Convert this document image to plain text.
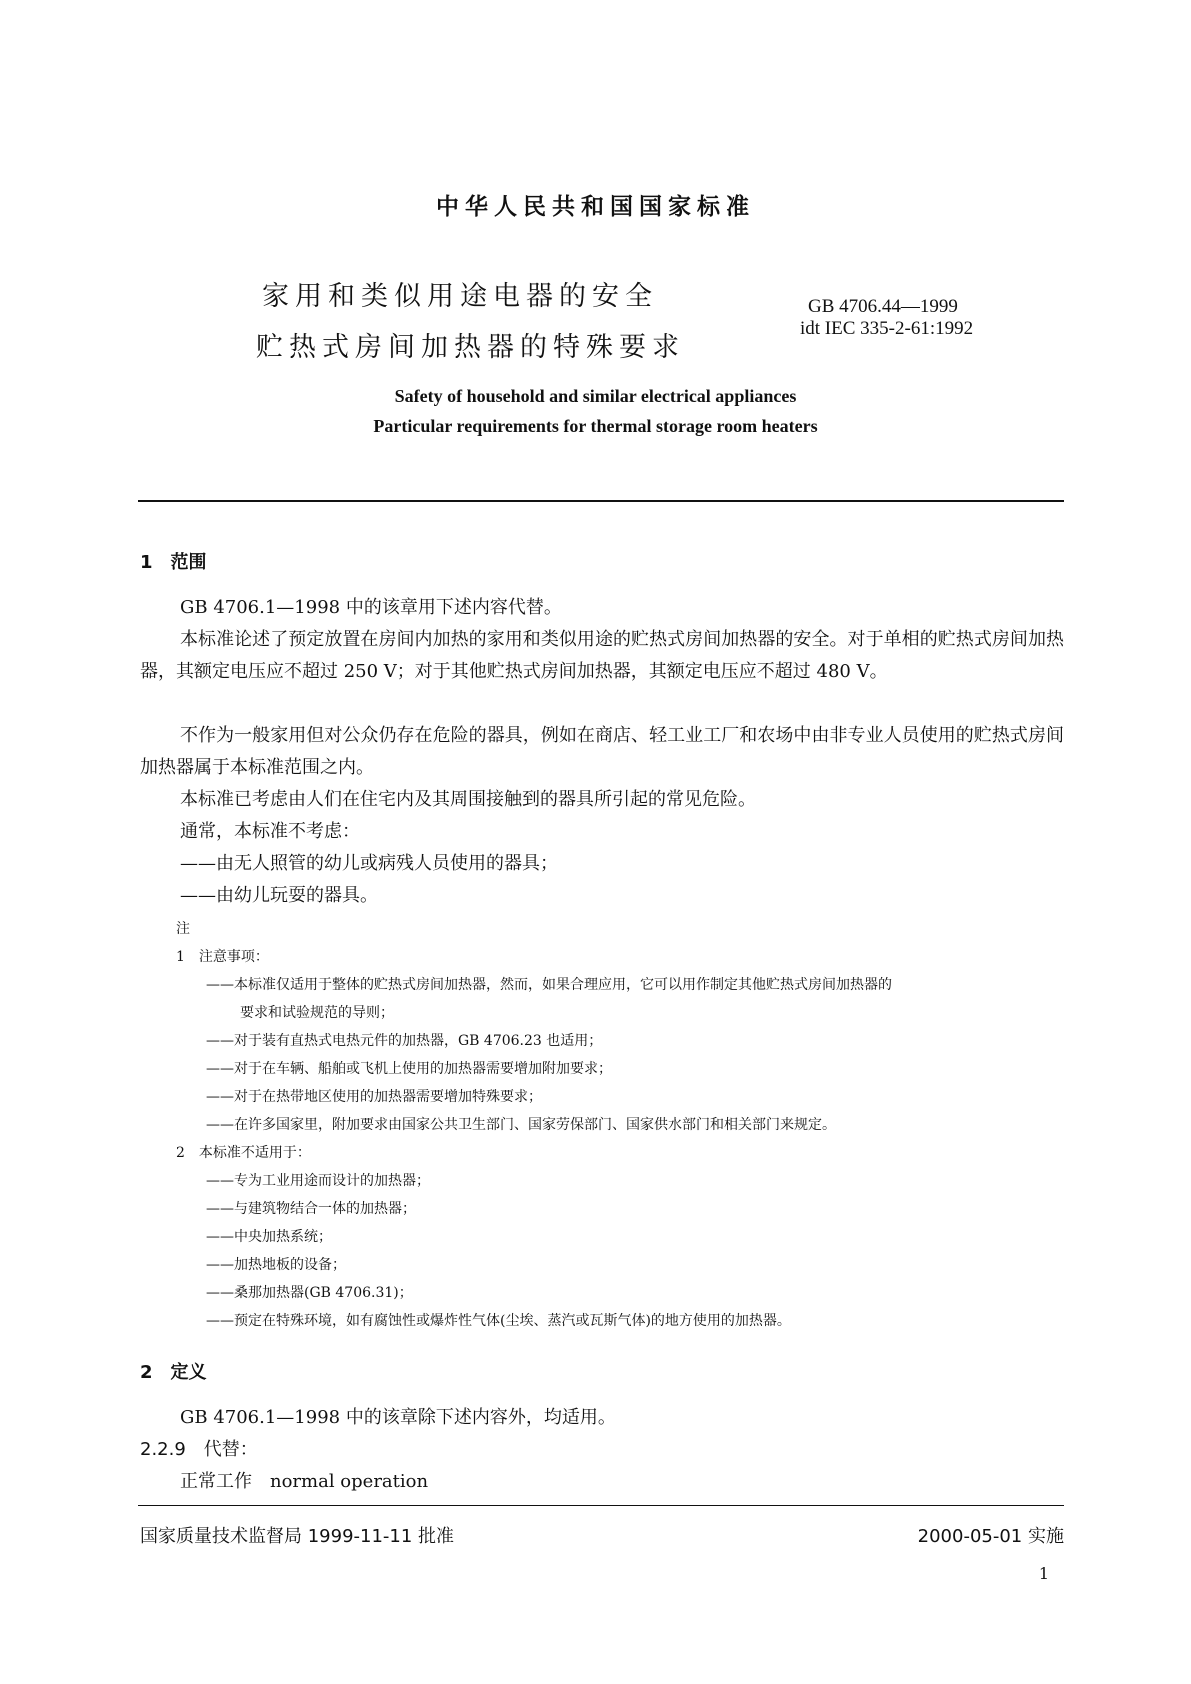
中华人民共和国国家标准
家用和类似用途电器的安全
贮热式房间加热器的特殊要求
GB 4706.44—1999
idt IEC 335-2-61:1992
Safety of household and similar electrical appliances
Particular requirements for thermal storage room heaters
1　范围
GB 4706.1—1998 中的该章用下述内容代替。
本标准论述了预定放置在房间内加热的家用和类似用途的贮热式房间加热器的安全。对于单相的贮热式房间加热器，其额定电压应不超过 250 V；对于其他贮热式房间加热器，其额定电压应不超过 480 V。
不作为一般家用但对公众仍存在危险的器具，例如在商店、轻工业工厂和农场中由非专业人员使用的贮热式房间加热器属于本标准范围之内。
本标准已考虑由人们在住宅内及其周围接触到的器具所引起的常见危险。
通常，本标准不考虑：
——由无人照管的幼儿或病残人员使用的器具；
——由幼儿玩耍的器具。
注
1　注意事项：
——本标准仅适用于整体的贮热式房间加热器，然而，如果合理应用，它可以用作制定其他贮热式房间加热器的
要求和试验规范的导则；
——对于装有直热式电热元件的加热器，GB 4706.23 也适用；
——对于在车辆、船舶或飞机上使用的加热器需要增加附加要求；
——对于在热带地区使用的加热器需要增加特殊要求；
——在许多国家里，附加要求由国家公共卫生部门、国家劳保部门、国家供水部门和相关部门来规定。
2　本标准不适用于：
——专为工业用途而设计的加热器；
——与建筑物结合一体的加热器；
——中央加热系统；
——加热地板的设备；
——桑那加热器(GB 4706.31)；
——预定在特殊环境，如有腐蚀性或爆炸性气体(尘埃、蒸汽或瓦斯气体)的地方使用的加热器。
2　定义
GB 4706.1—1998 中的该章除下述内容外，均适用。
2.2.9　代替：
正常工作　normal operation
国家质量技术监督局 1999-11-11 批准	2000-05-01 实施
1
